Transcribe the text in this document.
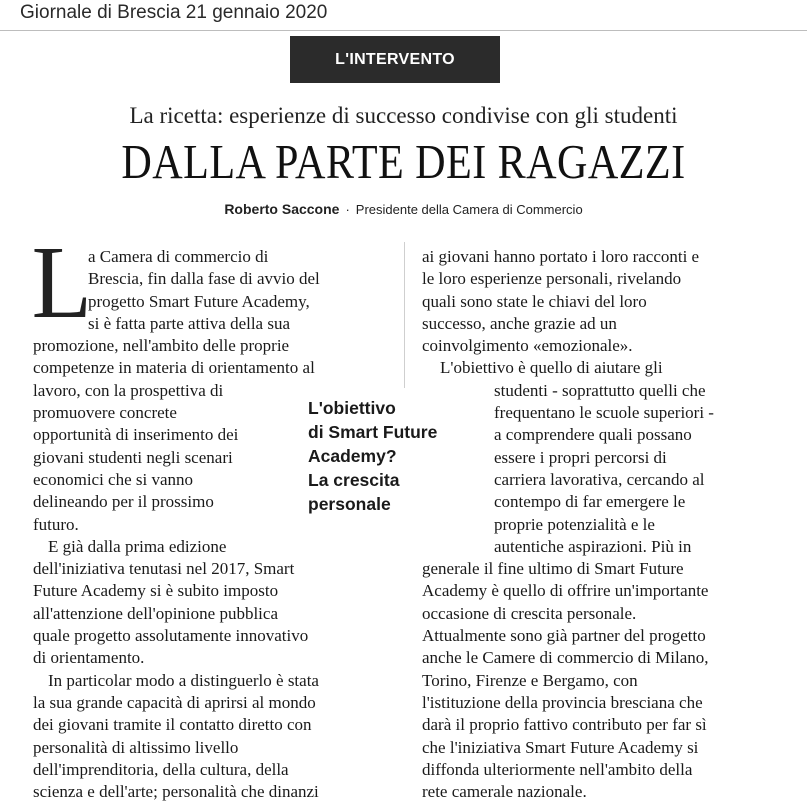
Giornale di Brescia 21 gennaio 2020
L'INTERVENTO
La ricetta: esperienze di successo condivise con gli studenti
DALLA PARTE DEI RAGAZZI
Roberto Saccone · Presidente della Camera di Commercio
L
a Camera di commercio di
Brescia, fin dalla fase di avvio del
progetto Smart Future Academy,
si è fatta parte attiva della sua
promozione, nell'ambito delle proprie
competenze in materia di orientamento al
lavoro, con la prospettiva di
promuovere concrete
opportunità di inserimento dei
giovani studenti negli scenari
economici che si vanno
delineando per il prossimo
futuro.
E già dalla prima edizione
dell'iniziativa tenutasi nel 2017, Smart
Future Academy si è subito imposto
all'attenzione dell'opinione pubblica
quale progetto assolutamente innovativo
di orientamento.
In particolar modo a distinguerlo è stata
la sua grande capacità di aprirsi al mondo
dei giovani tramite il contatto diretto con
personalità di altissimo livello
dell'imprenditoria, della cultura, della
scienza e dell'arte; personalità che dinanzi
ai giovani hanno portato i loro racconti e
le loro esperienze personali, rivelando
quali sono state le chiavi del loro
successo, anche grazie ad un
coinvolgimento «emozionale».
L'obiettivo è quello di aiutare gli
studenti - soprattutto quelli che
frequentano le scuole superiori -
a comprendere quali possano
essere i propri percorsi di
carriera lavorativa, cercando al
contempo di far emergere le
proprie potenzialità e le
autentiche aspirazioni. Più in
generale il fine ultimo di Smart Future
Academy è quello di offrire un'importante
occasione di crescita personale.
Attualmente sono già partner del progetto
anche le Camere di commercio di Milano,
Torino, Firenze e Bergamo, con
l'istituzione della provincia bresciana che
darà il proprio fattivo contributo per far sì
che l'iniziativa Smart Future Academy si
diffonda ulteriormente nell'ambito della
rete camerale nazionale.
L'obiettivo
di Smart Future
Academy?
La crescita
personale
